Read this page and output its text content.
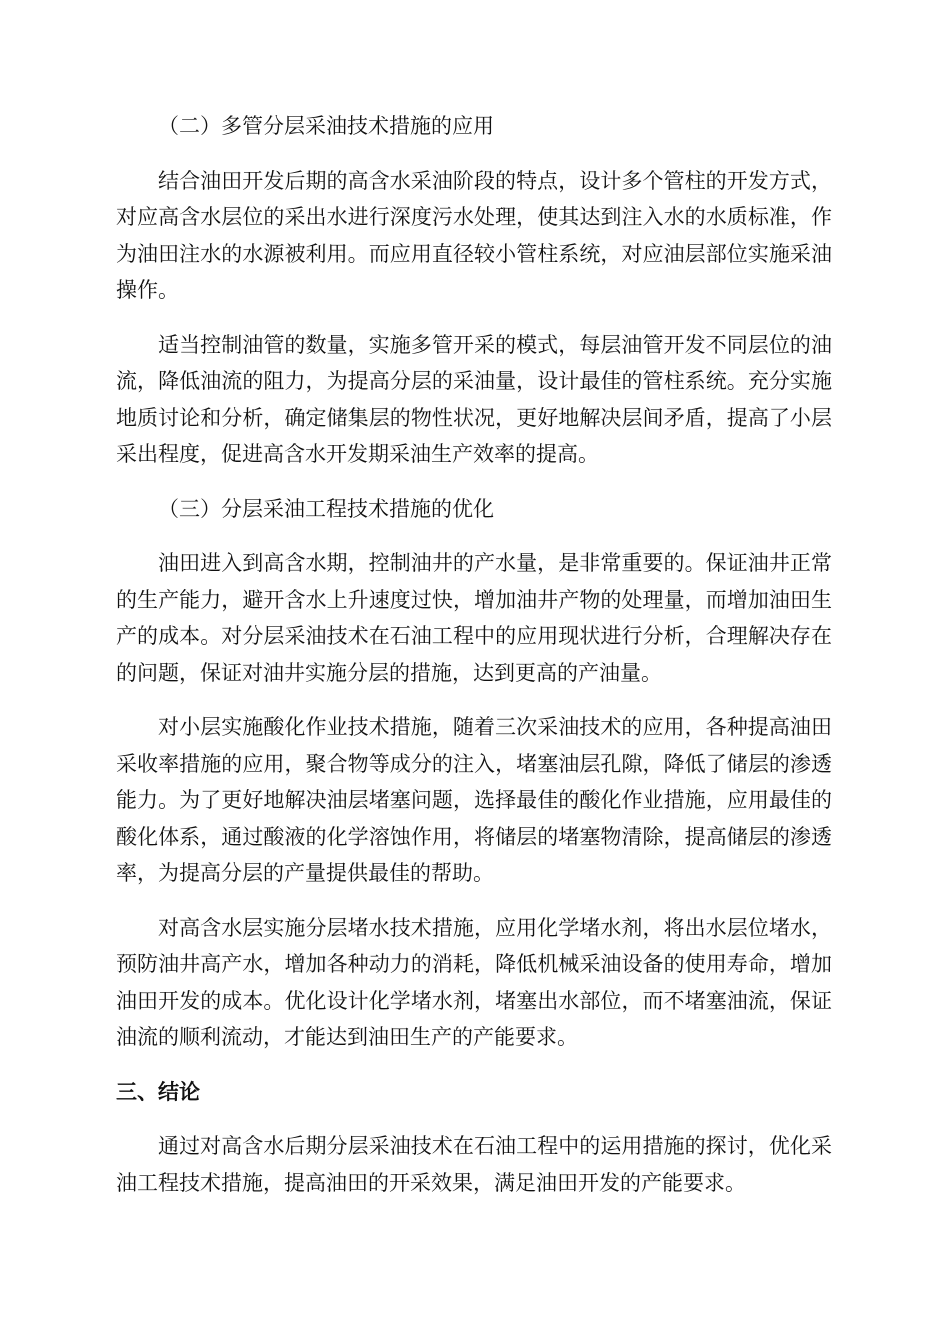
（二）多管分层采油技术措施的应用

结合油田开发后期的高含水采油阶段的特点，设计多个管柱的开发方式，对应高含水层位的采出水进行深度污水处理，使其达到注入水的水质标准，作为油田注水的水源被利用。而应用直径较小管柱系统，对应油层部位实施采油操作。

适当控制油管的数量，实施多管开采的模式，每层油管开发不同层位的油流，降低油流的阻力，为提高分层的采油量，设计最佳的管柱系统。充分实施地质讨论和分析，确定储集层的物性状况，更好地解决层间矛盾，提高了小层采出程度，促进高含水开发期采油生产效率的提高。

（三）分层采油工程技术措施的优化

油田进入到高含水期，控制油井的产水量，是非常重要的。保证油井正常的生产能力，避开含水上升速度过快，增加油井产物的处理量，而增加油田生产的成本。对分层采油技术在石油工程中的应用现状进行分析，合理解决存在的问题，保证对油井实施分层的措施，达到更高的产油量。

对小层实施酸化作业技术措施，随着三次采油技术的应用，各种提高油田采收率措施的应用，聚合物等成分的注入，堵塞油层孔隙，降低了储层的渗透能力。为了更好地解决油层堵塞问题，选择最佳的酸化作业措施，应用最佳的酸化体系，通过酸液的化学溶蚀作用，将储层的堵塞物清除，提高储层的渗透率，为提高分层的产量提供最佳的帮助。

对高含水层实施分层堵水技术措施，应用化学堵水剂，将出水层位堵水，预防油井高产水，增加各种动力的消耗，降低机械采油设备的使用寿命，增加油田开发的成本。优化设计化学堵水剂，堵塞出水部位，而不堵塞油流，保证油流的顺利流动，才能达到油田生产的产能要求。

三、结论

通过对高含水后期分层采油技术在石油工程中的运用措施的探讨，优化采油工程技术措施，提高油田的开采效果，满足油田开发的产能要求。
